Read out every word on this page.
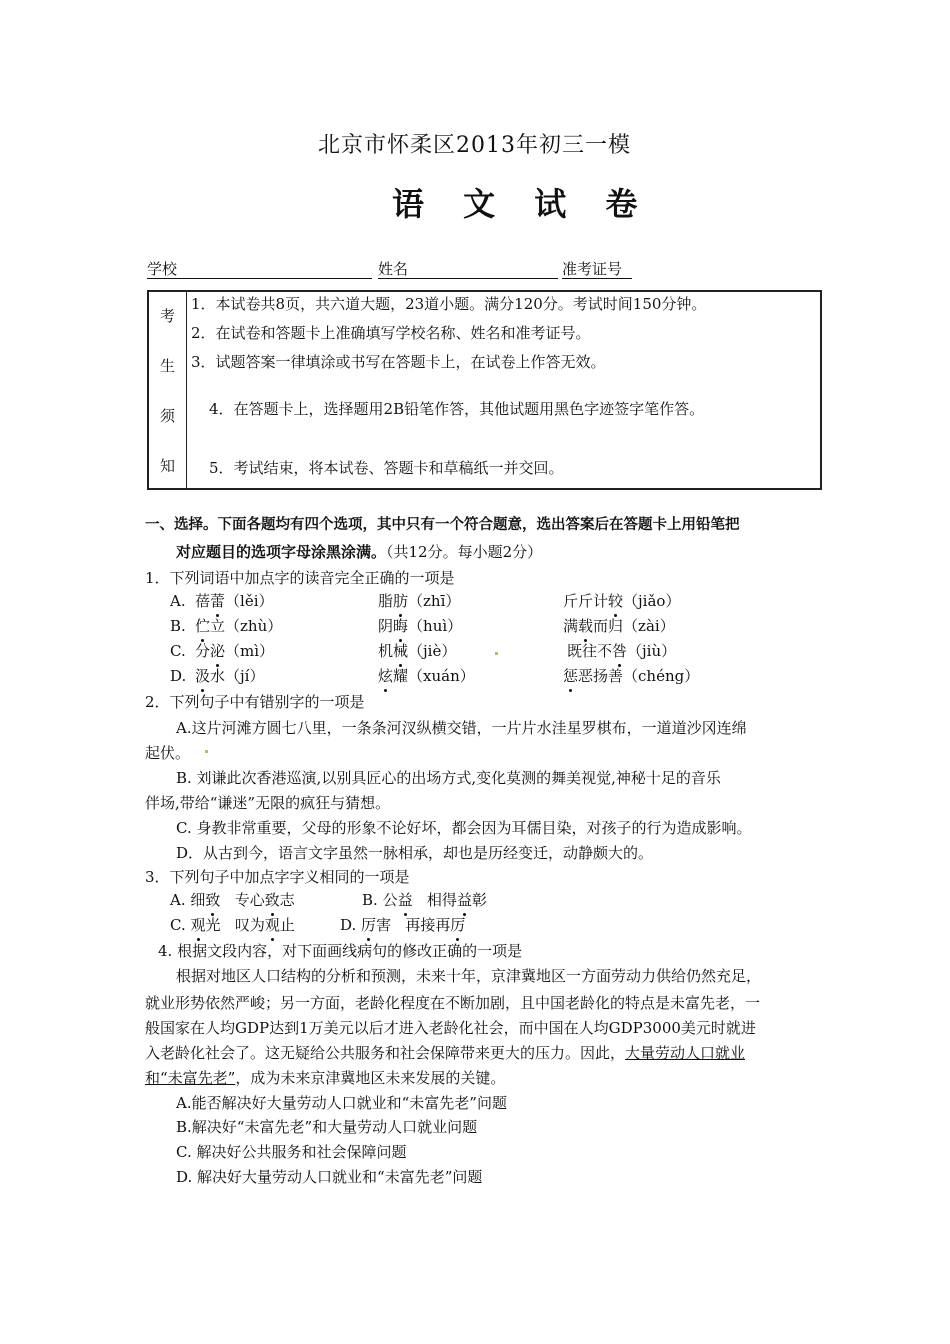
北京市怀柔区2013年初三一模
语 文 试 卷
学校	姓名	准考证号
考
生
须
知
1．本试卷共8页，共六道大题，23道小题。满分120分。考试时间150分钟。
2．在试卷和答题卡上准确填写学校名称、姓名和准考证号。
3．试题答案一律填涂或书写在答题卡上，在试卷上作答无效。
4．在答题卡上，选择题用2B铅笔作答，其他试题用黑色字迹签字笔作答。
5．考试结束，将本试卷、答题卡和草稿纸一并交回。
一、选择。下面各题均有四个选项，其中只有一个符合题意，选出答案后在答题卡上用铅笔把
对应题目的选项字母涂黑涂满。（共12分。每小题2分）
1．下列词语中加点字的读音完全正确的一项是
A. 蓓蕾（lěi）	脂肪（zhī）	斤斤计较（jiǎo）
B. 伫立（zhù）	阴晦（huì）	满载而归（zài）
C. 分泌（mì）	机械（jiè）	既往不咎（jiù）
D. 汲水（jí）	炫耀（xuán）	惩恶扬善（chéng）
2．下列句子中有错别字的一项是
A.这片河滩方圆七八里，一条条河汊纵横交错，一片片水洼星罗棋布，一道道沙冈连绵
起伏。
B. 刘谦此次香港巡演,以别具匠心的出场方式,变化莫测的舞美视觉,神秘十足的音乐
伴场,带给“谦迷”无限的疯狂与猜想。
C. 身教非常重要，父母的形象不论好坏，都会因为耳儒目染，对孩子的行为造成影响。
D．从古到今，语言文字虽然一脉相承，却也是历经变迁，动静颇大的。
3．下列句子中加点字字义相同的一项是
A. 细致 专心致志	B. 公益 相得益彰
C. 观光 叹为观止	D. 厉害 再接再厉
4. 根据文段内容，对下面画线病句的修改正确的一项是
根据对地区人口结构的分析和预测，未来十年，京津冀地区一方面劳动力供给仍然充足，
就业形势依然严峻；另一方面，老龄化程度在不断加剧，且中国老龄化的特点是未富先老，一
般国家在人均GDP达到1万美元以后才进入老龄化社会，而中国在人均GDP3000美元时就进
入老龄化社会了。这无疑给公共服务和社会保障带来更大的压力。因此，大量劳动人口就业
和“未富先老”，成为未来京津冀地区未来发展的关键。
A.能否解决好大量劳动人口就业和“未富先老”问题
B.解决好“未富先老”和大量劳动人口就业问题
C. 解决好公共服务和社会保障问题
D. 解决好大量劳动人口就业和“未富先老”问题
